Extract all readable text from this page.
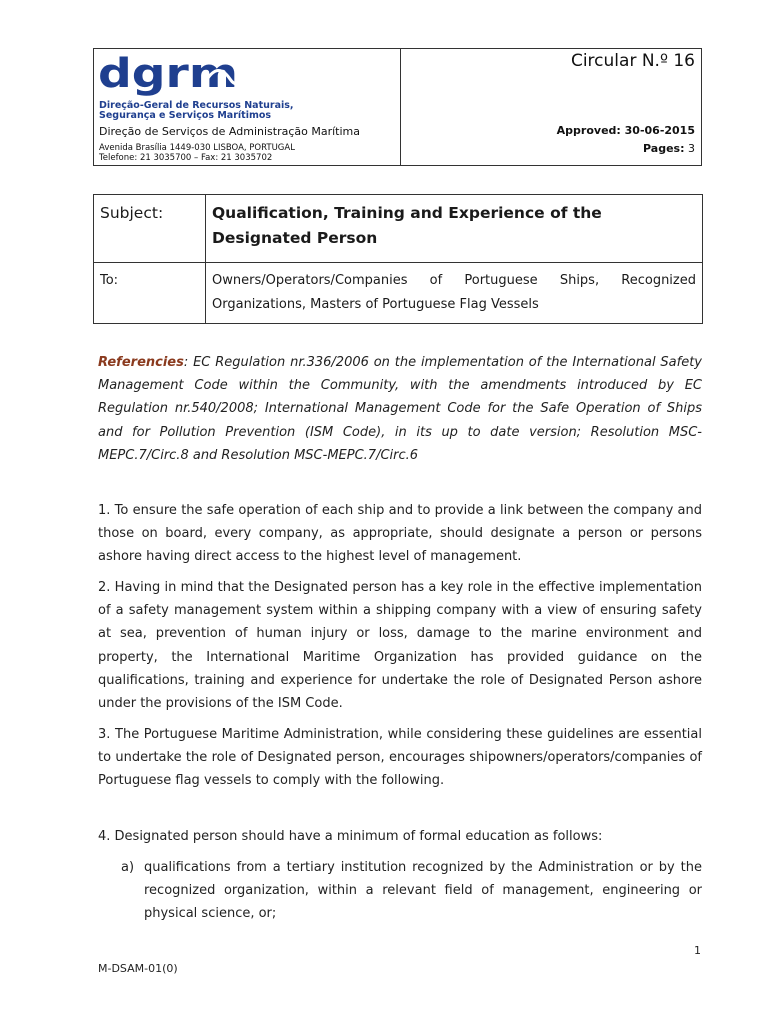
dgrm
Direção-Geral de Recursos Naturais,
Segurança e Serviços Marítimos
Direção de Serviços de Administração Marítima
Avenida Brasília 1449-030 LISBOA, PORTUGAL
Telefone: 21 3035700 – Fax: 21 3035702
Circular N.º 16
Approved: 30-06-2015
Pages: 3
Subject:	Qualification, Training and Experience of the Designated Person
To:	Owners/Operators/Companies of Portuguese Ships, Recognized Organizations, Masters of Portuguese Flag Vessels
Referencies: EC Regulation nr.336/2006 on the implementation of the International Safety Management Code within the Community, with the amendments introduced by EC Regulation nr.540/2008; International Management Code for the Safe Operation of Ships and for Pollution Prevention (ISM Code), in its up to date version; Resolution MSC-MEPC.7/Circ.8 and Resolution MSC-MEPC.7/Circ.6
1. To ensure the safe operation of each ship and to provide a link between the company and those on board, every company, as appropriate, should designate a person or persons ashore having direct access to the highest level of management.
2. Having in mind that the Designated person has a key role in the effective implementation of a safety management system within a shipping company with a view of ensuring safety at sea, prevention of human injury or loss, damage to the marine environment and property, the International Maritime Organization has provided guidance on the qualifications, training and experience for undertake the role of Designated Person ashore under the provisions of the ISM Code.
3. The Portuguese Maritime Administration, while considering these guidelines are essential to undertake the role of Designated person, encourages shipowners/operators/companies of Portuguese flag vessels to comply with the following.
4. Designated person should have a minimum of formal education as follows:
a) qualifications from a tertiary institution recognized by the Administration or by the recognized organization, within a relevant field of management, engineering or physical science, or;
1
M-DSAM-01(0)
